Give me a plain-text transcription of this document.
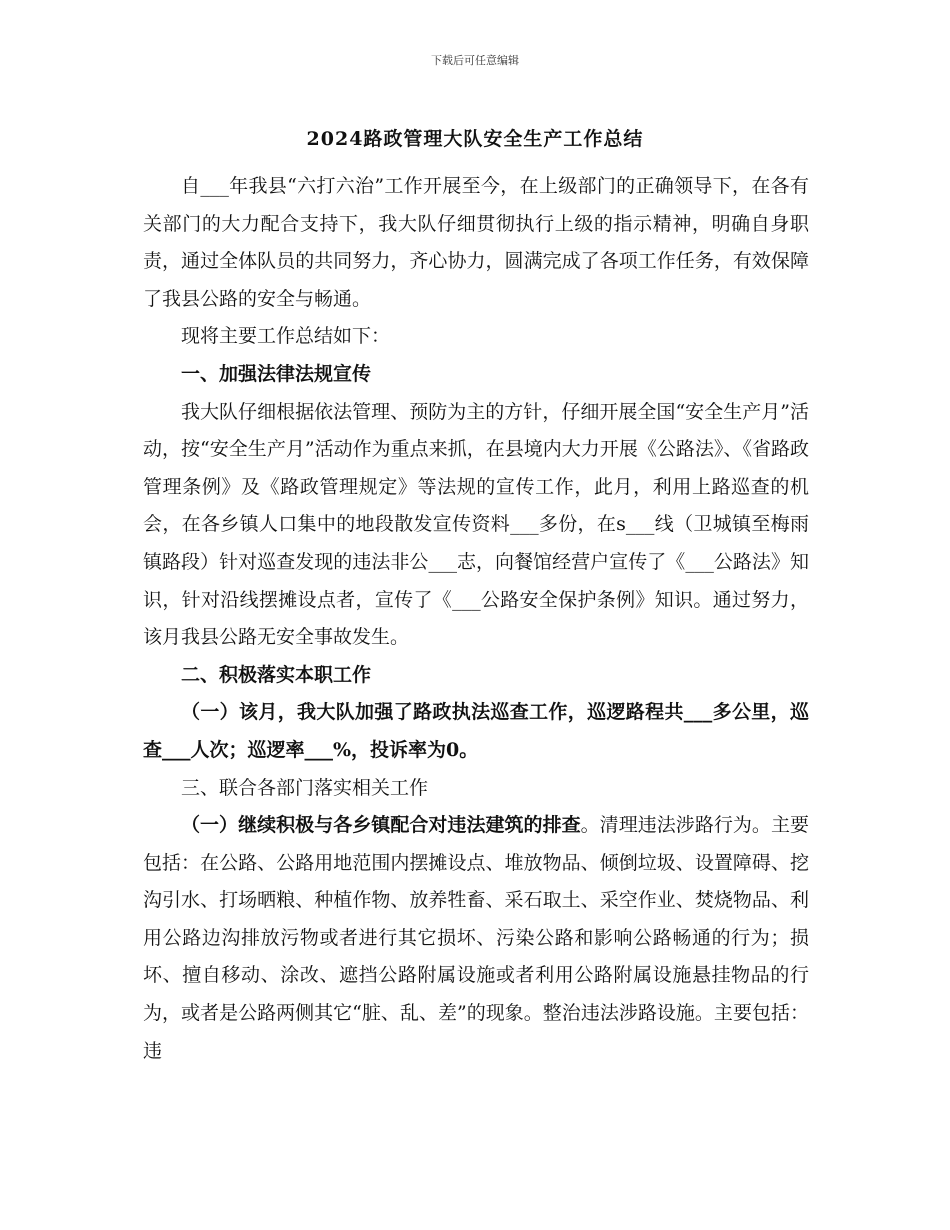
下载后可任意编辑
2024路政管理大队安全生产工作总结

自___年我县“六打六治”工作开展至今，在上级部门的正确领导下，在各有关部门的大力配合支持下，我大队仔细贯彻执行上级的指示精神，明确自身职责，通过全体队员的共同努力，齐心协力，圆满完成了各项工作任务，有效保障了我县公路的安全与畅通。

现将主要工作总结如下：

一、加强法律法规宣传

我大队仔细根据依法管理、预防为主的方针，仔细开展全国“安全生产月”活动，按“安全生产月”活动作为重点来抓，在县境内大力开展《公路法》、《省路政管理条例》及《路政管理规定》等法规的宣传工作，此月，利用上路巡查的机会，在各乡镇人口集中的地段散发宣传资料___多份，在s___线（卫城镇至梅雨镇路段）针对巡查发现的违法非公___志，向餐馆经营户宣传了《___公路法》知识，针对沿线摆摊设点者，宣传了《___公路安全保护条例》知识。通过努力，该月我县公路无安全事故发生。

二、积极落实本职工作

（一）该月，我大队加强了路政执法巡查工作，巡逻路程共___多公里，巡查___人次；巡逻率___%，投诉率为0。

三、联合各部门落实相关工作

（一）继续积极与各乡镇配合对违法建筑的排查。清理违法涉路行为。主要包括：在公路、公路用地范围内摆摊设点、堆放物品、倾倒垃圾、设置障碍、挖沟引水、打场晒粮、种植作物、放养牲畜、采石取土、采空作业、焚烧物品、利用公路边沟排放污物或者进行其它损坏、污染公路和影响公路畅通的行为；损坏、擅自移动、涂改、遮挡公路附属设施或者利用公路附属设施悬挂物品的行为，或者是公路两侧其它“脏、乱、差”的现象。整治违法涉路设施。主要包括：违
